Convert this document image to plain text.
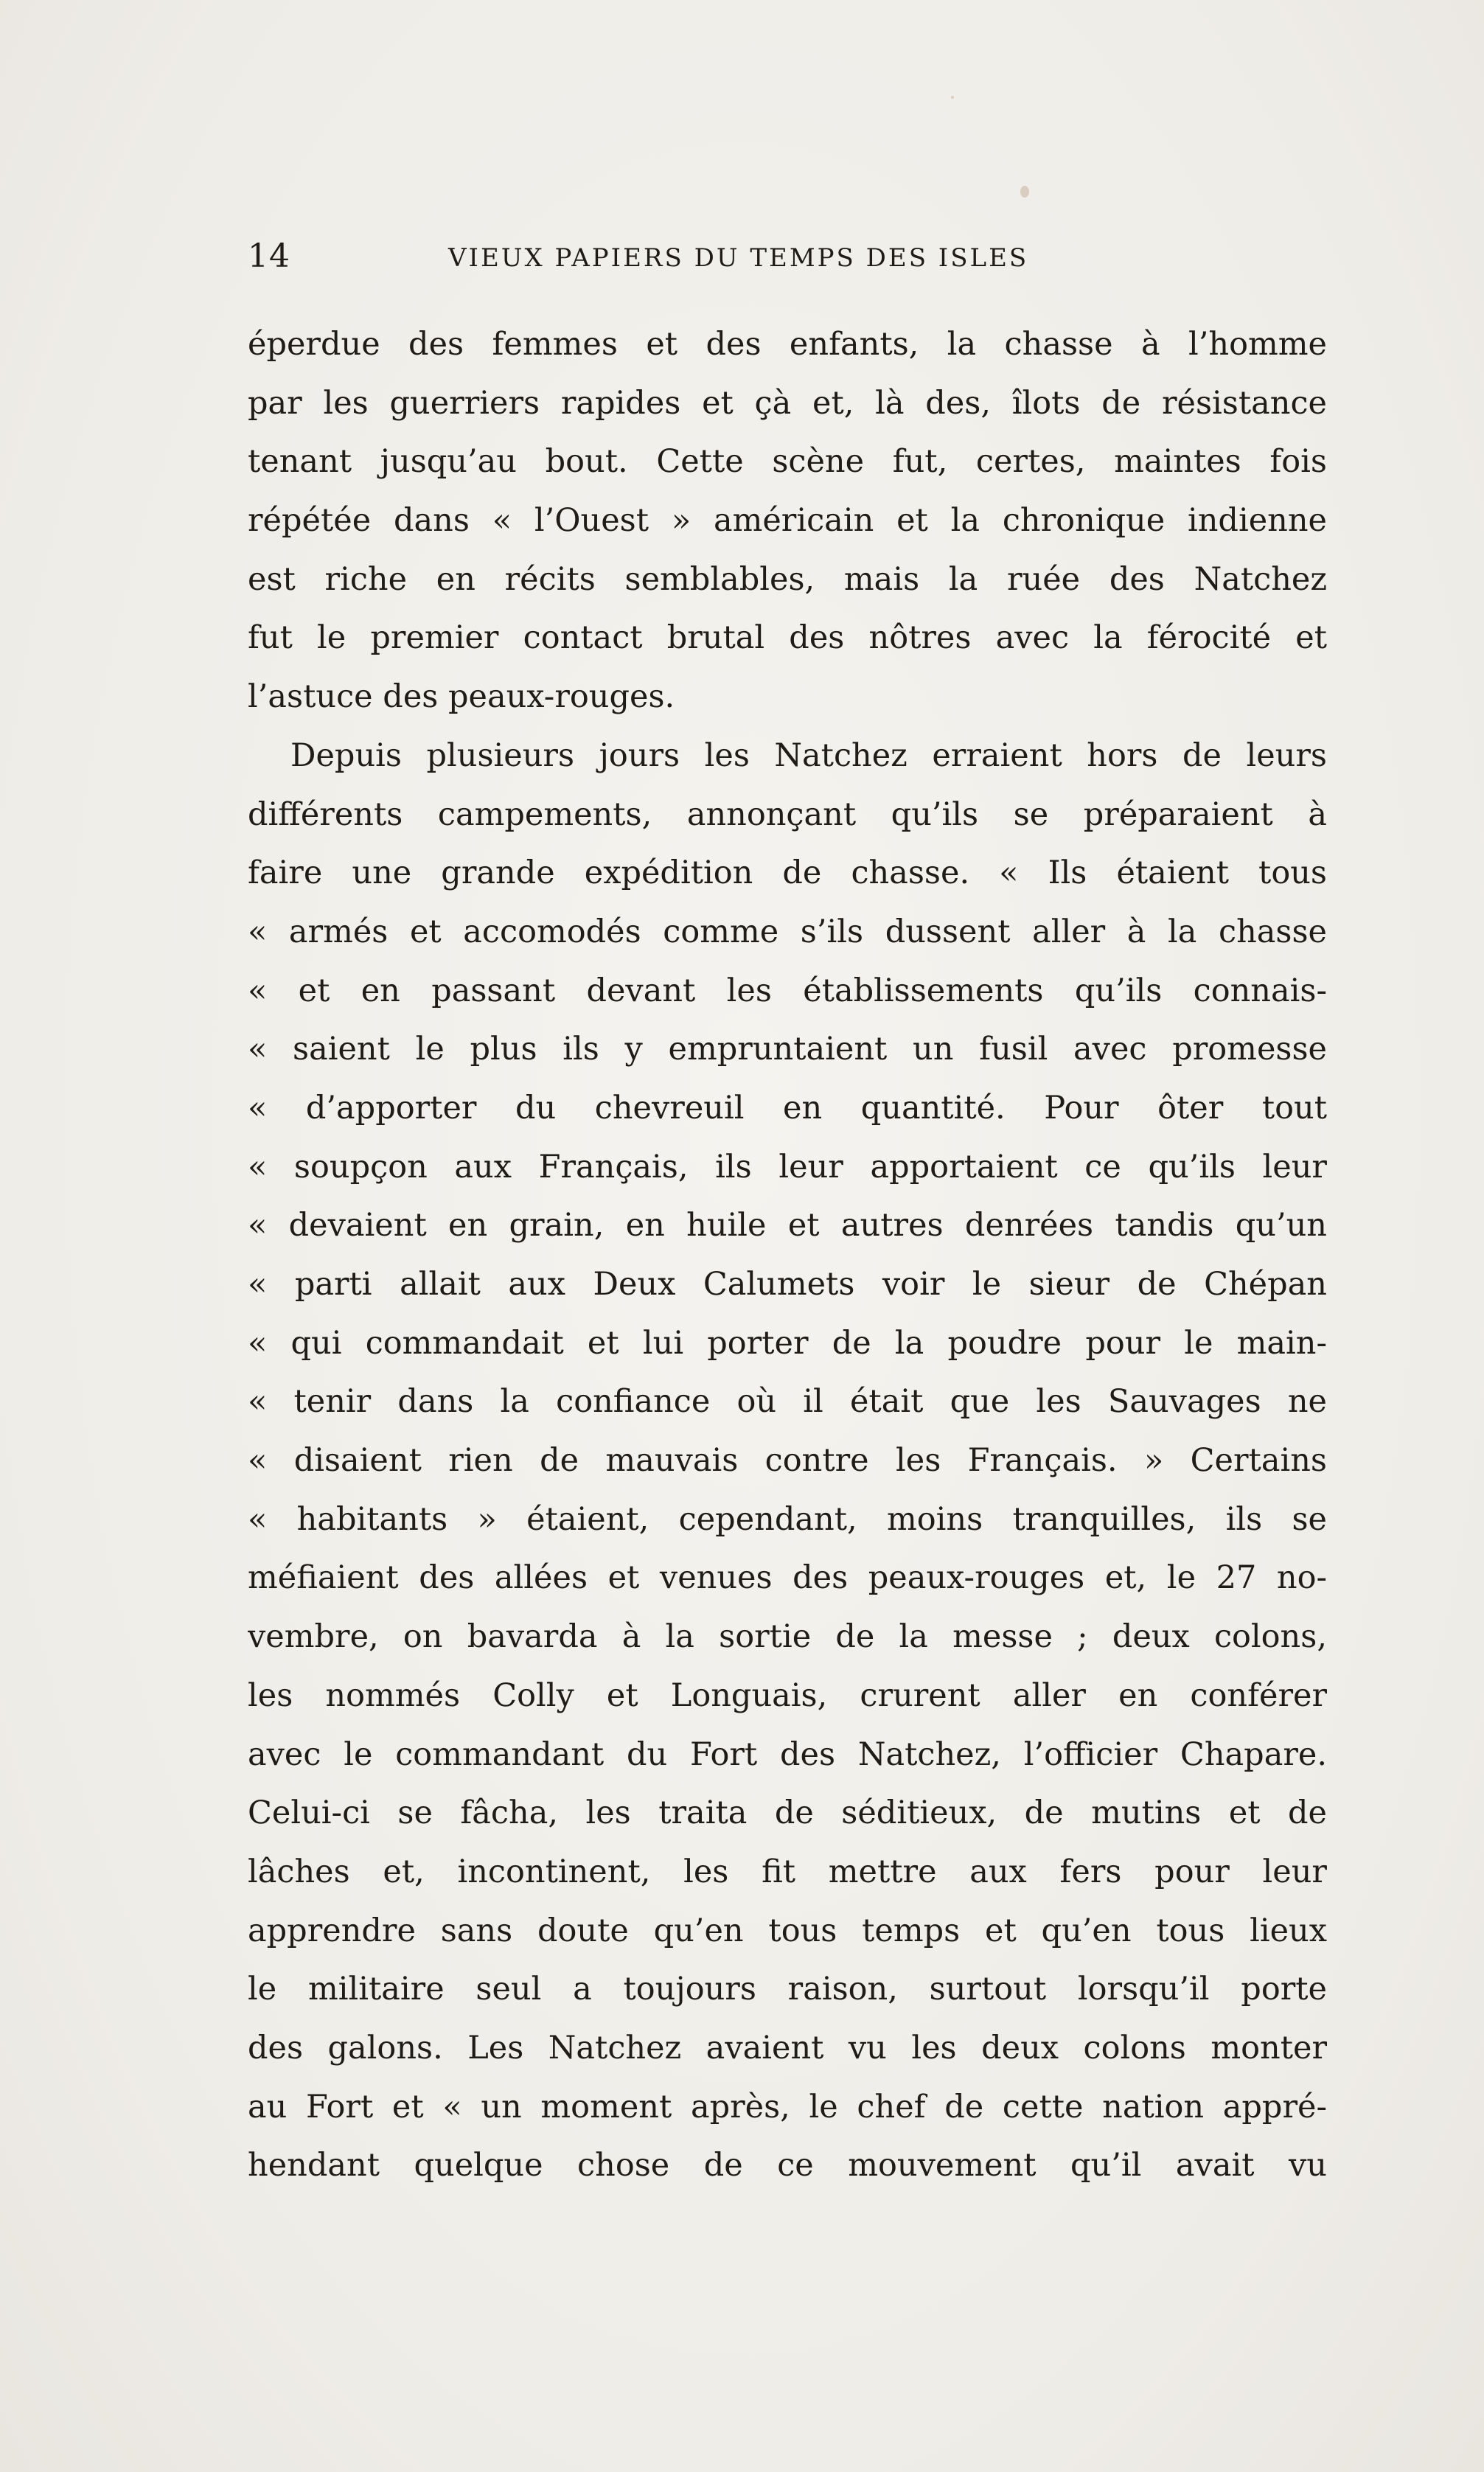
14	VIEUX PAPIERS DU TEMPS DES ISLES
éperdue des femmes et des enfants, la chasse à l’homme
par les guerriers rapides et çà et, là des, îlots de résistance
tenant jusqu’au bout. Cette scène fut, certes, maintes fois
répétée dans « l’Ouest » américain et la chronique indienne
est riche en récits semblables, mais la ruée des Natchez
fut le premier contact brutal des nôtres avec la férocité et
l’astuce des peaux-rouges.
Depuis plusieurs jours les Natchez erraient hors de leurs
différents campements, annonçant qu’ils se préparaient à
faire une grande expédition de chasse. « Ils étaient tous
« armés et accomodés comme s’ils dussent aller à la chasse
« et en passant devant les établissements qu’ils connais-
« saient le plus ils y empruntaient un fusil avec promesse
« d’apporter du chevreuil en quantité. Pour ôter tout
« soupçon aux Français, ils leur apportaient ce qu’ils leur
« devaient en grain, en huile et autres denrées tandis qu’un
« parti allait aux Deux Calumets voir le sieur de Chépan
« qui commandait et lui porter de la poudre pour le main-
« tenir dans la confiance où il était que les Sauvages ne
« disaient rien de mauvais contre les Français. » Certains
« habitants » étaient, cependant, moins tranquilles, ils se
méfiaient des allées et venues des peaux-rouges et, le 27 no-
vembre, on bavarda à la sortie de la messe ; deux colons,
les nommés Colly et Longuais, crurent aller en conférer
avec le commandant du Fort des Natchez, l’officier Chapare.
Celui-ci se fâcha, les traita de séditieux, de mutins et de
lâches et, incontinent, les fit mettre aux fers pour leur
apprendre sans doute qu’en tous temps et qu’en tous lieux
le militaire seul a toujours raison, surtout lorsqu’il porte
des galons. Les Natchez avaient vu les deux colons monter
au Fort et « un moment après, le chef de cette nation appré-
hendant quelque chose de ce mouvement qu’il avait vu
